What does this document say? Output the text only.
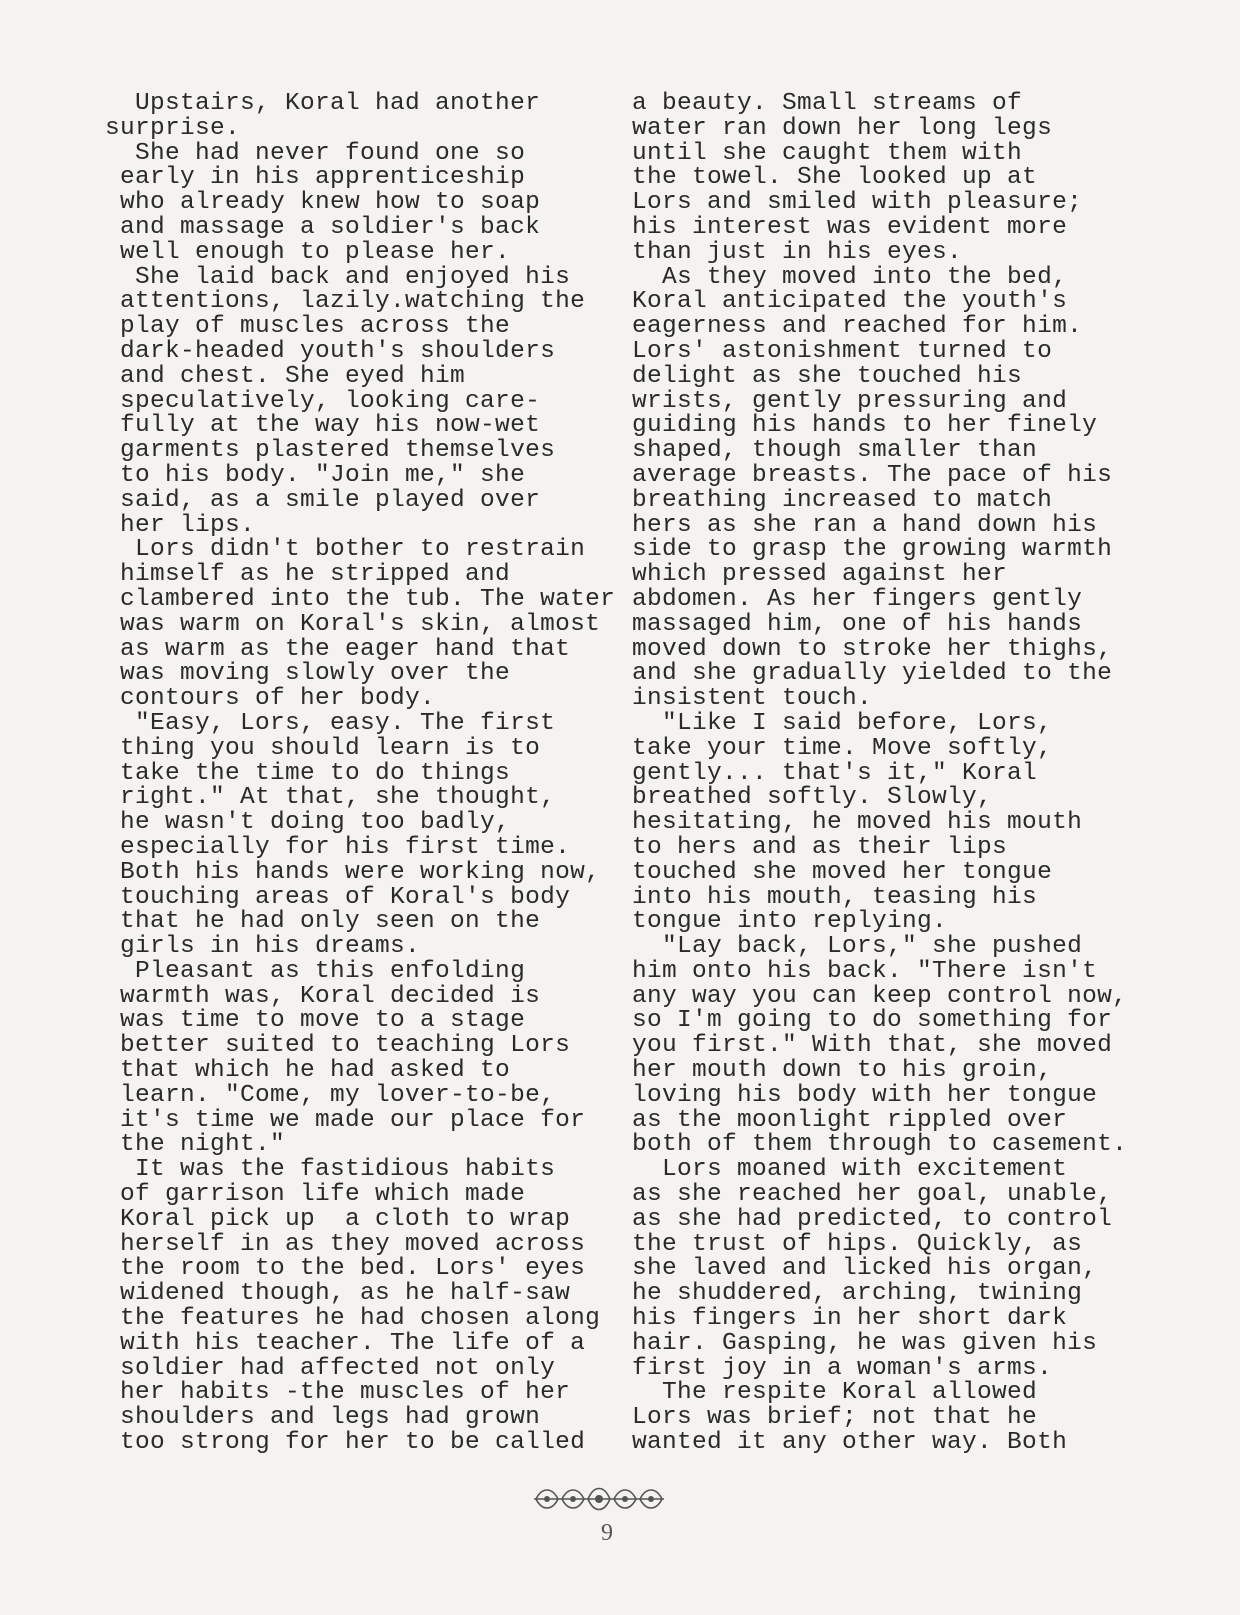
Upstairs, Koral had another
surprise.
She had never found one so
early in his apprenticeship
who already knew how to soap
and massage a soldier's back
well enough to please her.
She laid back and enjoyed his
attentions, lazily.watching the
play of muscles across the
dark-headed youth's shoulders
and chest. She eyed him
speculatively, looking care-
fully at the way his now-wet
garments plastered themselves
to his body. "Join me," she
said, as a smile played over
her lips.
Lors didn't bother to restrain
himself as he stripped and
clambered into the tub. The water
was warm on Koral's skin, almost
as warm as the eager hand that
was moving slowly over the
contours of her body.
"Easy, Lors, easy. The first
thing you should learn is to
take the time to do things
right." At that, she thought,
he wasn't doing too badly,
especially for his first time.
Both his hands were working now,
touching areas of Koral's body
that he had only seen on the
girls in his dreams.
Pleasant as this enfolding
warmth was, Koral decided is
was time to move to a stage
better suited to teaching Lors
that which he had asked to
learn. "Come, my lover-to-be,
it's time we made our place for
the night."
It was the fastidious habits
of garrison life which made
Koral pick up  a cloth to wrap
herself in as they moved across
the room to the bed. Lors' eyes
widened though, as he half-saw
the features he had chosen along
with his teacher. The life of a
soldier had affected not only
her habits -the muscles of her
shoulders and legs had grown
too strong for her to be called
a beauty. Small streams of
water ran down her long legs
until she caught them with
the towel. She looked up at
Lors and smiled with pleasure;
his interest was evident more
than just in his eyes.
As they moved into the bed,
Koral anticipated the youth's
eagerness and reached for him.
Lors' astonishment turned to
delight as she touched his
wrists, gently pressuring and
guiding his hands to her finely
shaped, though smaller than
average breasts. The pace of his
breathing increased to match
hers as she ran a hand down his
side to grasp the growing warmth
which pressed against her
abdomen. As her fingers gently
massaged him, one of his hands
moved down to stroke her thighs,
and she gradually yielded to the
insistent touch.
"Like I said before, Lors,
take your time. Move softly,
gently... that's it," Koral
breathed softly. Slowly,
hesitating, he moved his mouth
to hers and as their lips
touched she moved her tongue
into his mouth, teasing his
tongue into replying.
"Lay back, Lors," she pushed
him onto his back. "There isn't
any way you can keep control now,
so I'm going to do something for
you first." With that, she moved
her mouth down to his groin,
loving his body with her tongue
as the moonlight rippled over
both of them through to casement.
Lors moaned with excitement
as she reached her goal, unable,
as she had predicted, to control
the trust of hips. Quickly, as
she laved and licked his organ,
he shuddered, arching, twining
his fingers in her short dark
hair. Gasping, he was given his
first joy in a woman's arms.
The respite Koral allowed
Lors was brief; not that he
wanted it any other way. Both
9
